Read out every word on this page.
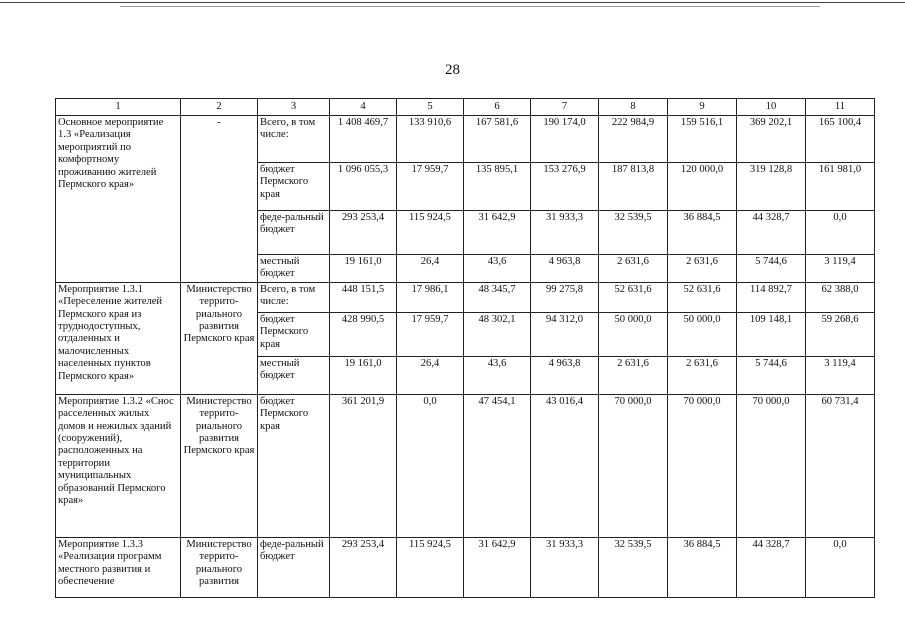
28
1	2	3	4	5	6	7	8	9	10	11
Основное мероприятие 1.3 «Реализация мероприятий по комфортному проживанию жителей Пермского края»	-	Всего, в том числе:	1 408 469,7	133 910,6	167 581,6	190 174,0	222 984,9	159 516,1	369 202,1	165 100,4
		бюджет Пермского края	1 096 055,3	17 959,7	135 895,1	153 276,9	187 813,8	120 000,0	319 128,8	161 981,0
		феде-ральный бюджет	293 253,4	115 924,5	31 642,9	31 933,3	32 539,5	36 884,5	44 328,7	0,0
		местный бюджет	19 161,0	26,4	43,6	4 963,8	2 631,6	2 631,6	5 744,6	3 119,4
Мероприятие 1.3.1 «Переселение жителей Пермского края из труднодоступных, отдаленных и малочисленных населенных пунктов Пермского края»	Министерство террито-риального развития Пермского края	Всего, в том числе:	448 151,5	17 986,1	48 345,7	99 275,8	52 631,6	52 631,6	114 892,7	62 388,0
		бюджет Пермского края	428 990,5	17 959,7	48 302,1	94 312,0	50 000,0	50 000,0	109 148,1	59 268,6
		местный бюджет	19 161,0	26,4	43,6	4 963,8	2 631,6	2 631,6	5 744,6	3 119,4
Мероприятие 1.3.2 «Снос расселенных жилых домов и нежилых зданий (сооружений), расположенных на территории муниципальных образований Пермского края»	Министерство террито-риального развития Пермского края	бюджет Пермского края	361 201,9	0,0	47 454,1	43 016,4	70 000,0	70 000,0	70 000,0	60 731,4
Мероприятие 1.3.3 «Реализация программ местного развития и обеспечение	Министерство террито-риального развития	феде-ральный бюджет	293 253,4	115 924,5	31 642,9	31 933,3	32 539,5	36 884,5	44 328,7	0,0
